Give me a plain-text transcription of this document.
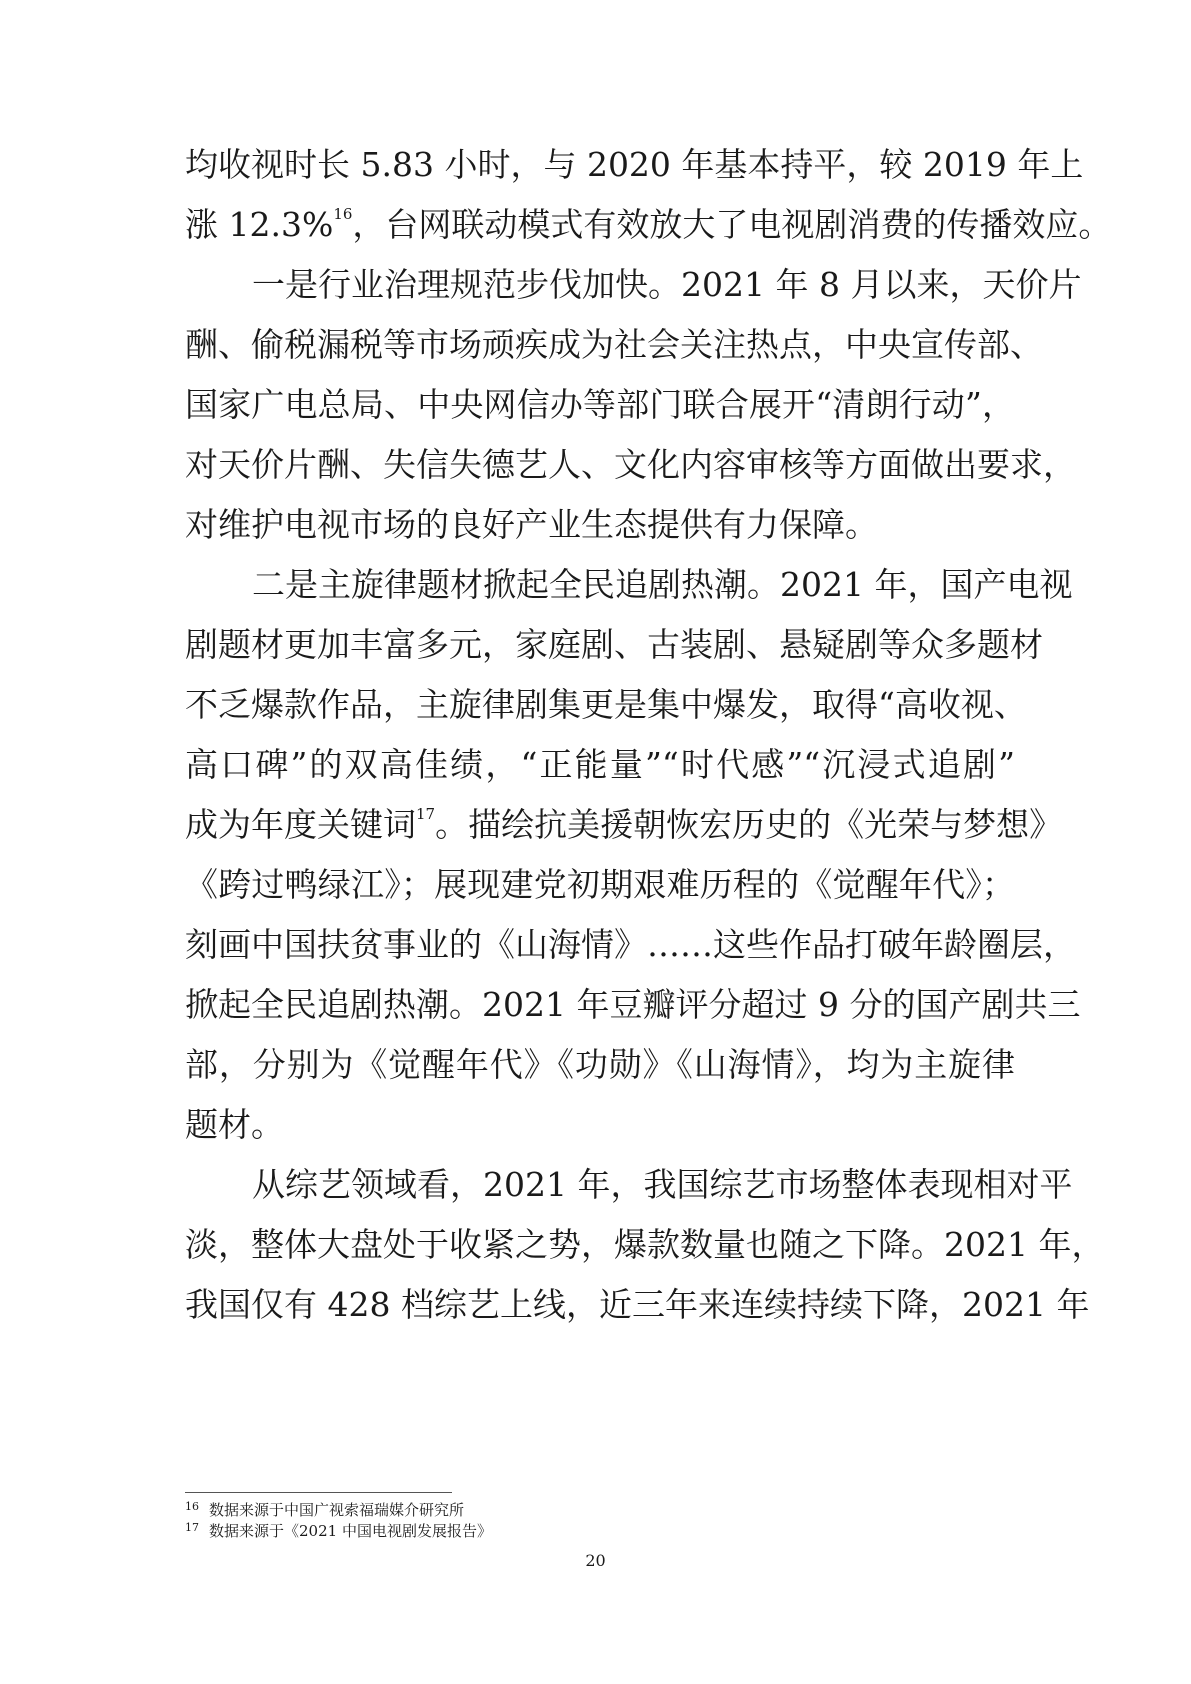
均收视时长 5.83 小时，与 2020 年基本持平，较 2019 年上
涨 12.3%$^{16}$，台网联动模式有效放大了电视剧消费的传播效应。
一是行业治理规范步伐加快。2021 年 8 月以来，天价片
酬、偷税漏税等市场顽疾成为社会关注热点，中央宣传部、
国家广电总局、中央网信办等部门联合展开“清朗行动”，
对天价片酬、失信失德艺人、文化内容审核等方面做出要求，
对维护电视市场的良好产业生态提供有力保障。
二是主旋律题材掀起全民追剧热潮。2021 年，国产电视
剧题材更加丰富多元，家庭剧、古装剧、悬疑剧等众多题材
不乏爆款作品，主旋律剧集更是集中爆发，取得“高收视、
高口碑”的双高佳绩，“正能量”“时代感”“沉浸式追剧”
成为年度关键词$^{17}$。描绘抗美援朝恢宏历史的《光荣与梦想》
《跨过鸭绿江》；展现建党初期艰难历程的《觉醒年代》；
刻画中国扶贫事业的《山海情》……这些作品打破年龄圈层，
掀起全民追剧热潮。2021 年豆瓣评分超过 9 分的国产剧共三
部，分别为《觉醒年代》《功勋》《山海情》，均为主旋律
题材。
从综艺领域看，2021 年，我国综艺市场整体表现相对平
淡，整体大盘处于收紧之势，爆款数量也随之下降。2021 年，
我国仅有 428 档综艺上线，近三年来连续持续下降，2021 年
$^{16}$ 数据来源于中国广视索福瑞媒介研究所
$^{17}$ 数据来源于《2021 中国电视剧发展报告》
20
